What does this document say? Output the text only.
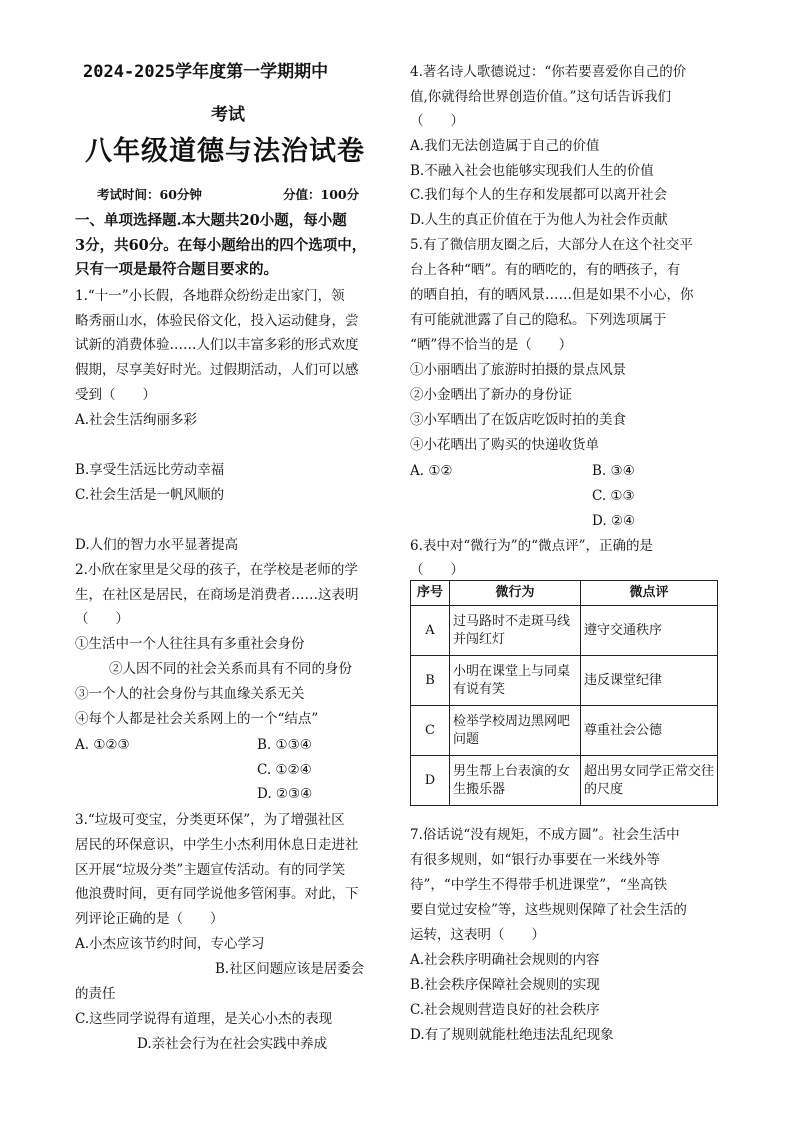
2024-2025学年度第一学期期中
考试
八年级道德与法治试卷
考试时间：60分钟	分值：100分
一、单项选择题.本大题共20小题，每小题
3分，共60分。在每小题给出的四个选项中，
只有一项是最符合题目要求的。
1.“十一”小长假，各地群众纷纷走出家门，领
略秀丽山水，体验民俗文化，投入运动健身，尝
试新的消费体验……人们以丰富多彩的形式欢度
假期，尽享美好时光。过假期活动，人们可以感
受到（　　）
A.社会生活绚丽多彩
B.享受生活远比劳动幸福
C.社会生活是一帆风顺的
D.人们的智力水平显著提高
2.小欣在家里是父母的孩子，在学校是老师的学
生，在社区是居民，在商场是消费者……这表明
（　　）
①生活中一个人往往具有多重社会身份
②人因不同的社会关系而具有不同的身份
③一个人的社会身份与其血缘关系无关
④每个人都是社会关系网上的一个“结点”
A. ①②③	B. ①③④
C. ①②④
D. ②③④
3.“垃圾可变宝，分类更环保”，为了增强社区
居民的环保意识，中学生小杰利用休息日走进社
区开展“垃圾分类”主题宣传活动。有的同学笑
他浪费时间，更有同学说他多管闲事。对此，下
列评论正确的是（　　）
A.小杰应该节约时间，专心学习
B.社区问题应该是居委会
的责任
C.这些同学说得有道理，是关心小杰的表现
D.亲社会行为在社会实践中养成
4.著名诗人歌德说过：“你若要喜爱你自己的价
值,你就得给世界创造价值。”这句话告诉我们
（　　）
A.我们无法创造属于自己的价值
B.不融入社会也能够实现我们人生的价值
C.我们每个人的生存和发展都可以离开社会
D.人生的真正价值在于为他人为社会作贡献
5.有了微信朋友圈之后，大部分人在这个社交平
台上各种“晒”。有的晒吃的，有的晒孩子，有
的晒自拍，有的晒风景……但是如果不小心，你
有可能就泄露了自己的隐私。下列选项属于
“晒”得不恰当的是（　　）
①小丽晒出了旅游时拍摄的景点风景
②小金晒出了新办的身份证
③小军晒出了在饭店吃饭时拍的美食
④小花晒出了购买的快递收货单
A. ①②	B. ③④
C. ①③
D. ②④
6.表中对“微行为”的“微点评”，正确的是
（　　）
序号	微行为	微点评
A	过马路时不走斑马线并闯红灯	遵守交通秩序
B	小明在课堂上与同桌有说有笑	违反课堂纪律
C	检举学校周边黑网吧问题	尊重社会公德
D	男生帮上台表演的女生搬乐器	超出男女同学正常交往的尺度
7.俗话说“没有规矩，不成方圆”。社会生活中
有很多规则，如“银行办事要在一米线外等
待”，“中学生不得带手机进课堂”，“坐高铁
要自觉过安检”等，这些规则保障了社会生活的
运转，这表明（　　）
A.社会秩序明确社会规则的内容
B.社会秩序保障社会规则的实现
C.社会规则营造良好的社会秩序
D.有了规则就能杜绝违法乱纪现象
